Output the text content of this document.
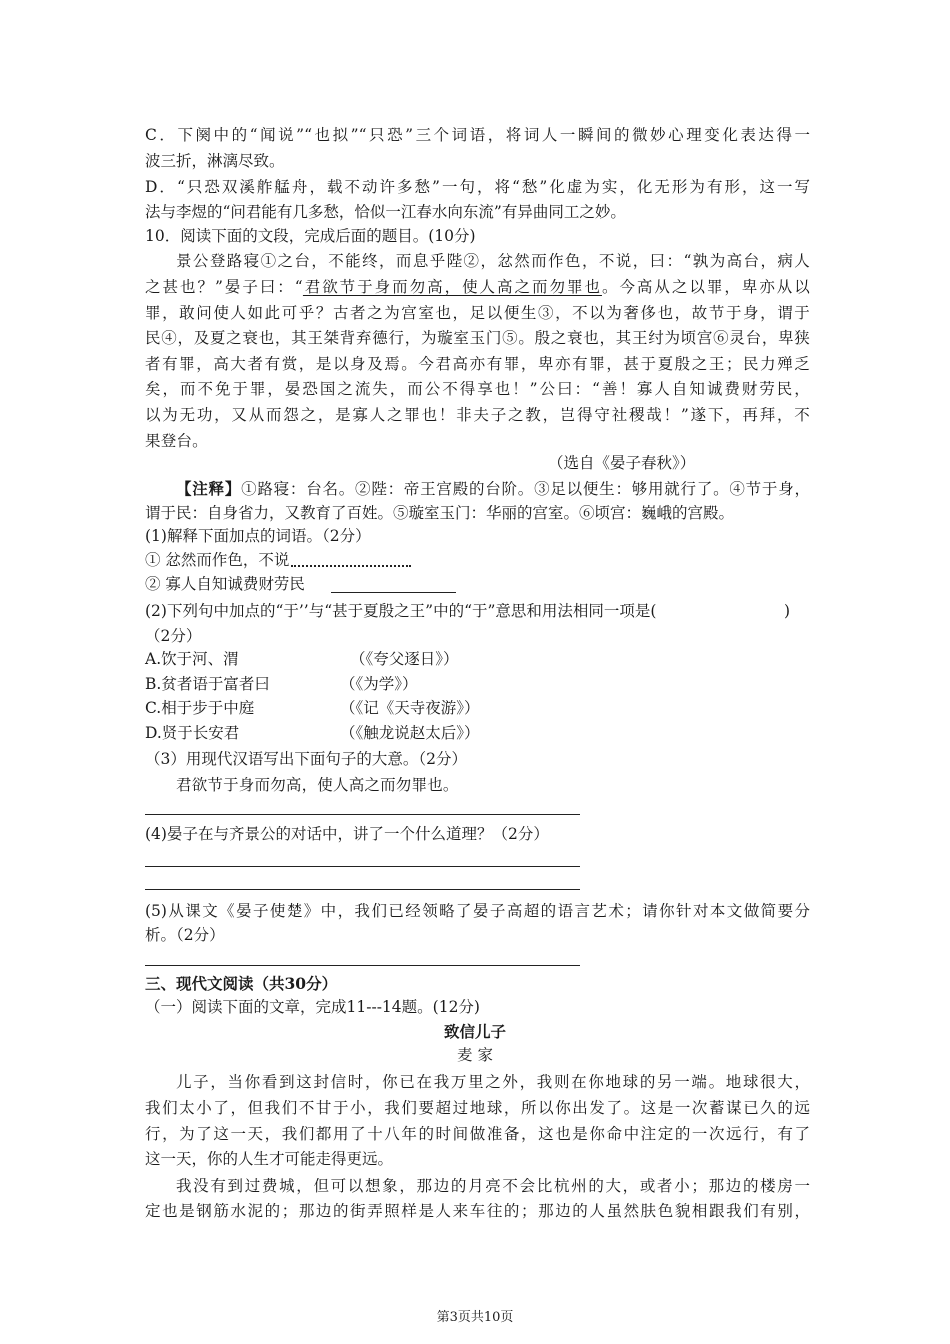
C．下阕中的“闻说”“也拟”“只恐”三个词语，将词人一瞬间的微妙心理变化表达得一
波三折，淋漓尽致。
D．“只恐双溪舴艋舟，载不动许多愁”一句，将“愁”化虚为实，化无形为有形，这一写
法与李煜的“问君能有几多愁，恰似一江春水向东流”有异曲同工之妙。
10．阅读下面的文段，完成后面的题目。(10分)
景公登路寝①之台，不能终，而息乎陛②，忿然而作色，不说，曰：“孰为高台，病人
之甚也？”晏子曰：“君欲节于身而勿高，使人高之而勿罪也。今高从之以罪，卑亦从以
罪，敢问使人如此可乎？古者之为宫室也，足以便生③，不以为奢侈也，故节于身，谓于
民④，及夏之衰也，其王桀背弃德行，为璇室玉门⑤。殷之衰也，其王纣为顷宫⑥灵台，卑狭
者有罪，高大者有赏，是以身及焉。今君高亦有罪，卑亦有罪，甚于夏殷之王；民力殚乏
矣，而不免于罪，晏恐国之流失，而公不得享也！”公曰：“善！寡人自知诚费财劳民，
以为无功，又从而怨之，是寡人之罪也！非夫子之教，岂得守社稷哉！”遂下，再拜，不
果登台。
（选自《晏子春秋》）
【注释】①路寝：台名。②陛：帝王宫殿的台阶。③足以便生：够用就行了。④节于身，
谓于民：自身省力，又教育了百姓。⑤璇室玉门：华丽的宫室。⑥顷宫：巍峨的宫殿。
(1)解释下面加点的词语。（2分）
① 忿然而作色，不说
② 寡人自知诚费财劳民
(2)下列句中加点的“于’’与“甚于夏殷之王”中的“于”意思和用法相同一项是(	)
（2分）
A.饮于河、渭	（《夸父逐日》）
B.贫者语于富者曰	（《为学》）
C.相于步于中庭	（《记《天寺夜游》）
D.贤于长安君	（《触龙说赵太后》）
（3）用现代汉语写出下面句子的大意。（2分）
君欲节于身而勿高，使人高之而勿罪也。
(4)晏子在与齐景公的对话中，讲了一个什么道理？（2分）
(5)从课文《晏子使楚》中，我们已经领略了晏子高超的语言艺术；请你针对本文做简要分
析。（2分）
三、现代文阅读（共30分）
（一）阅读下面的文章，完成11---14题。(12分)
致信儿子
麦 家
儿子，当你看到这封信时，你已在我万里之外，我则在你地球的另一端。地球很大，
我们太小了，但我们不甘于小，我们要超过地球，所以你出发了。这是一次蓄谋已久的远
行，为了这一天，我们都用了十八年的时间做准备，这也是你命中注定的一次远行，有了
这一天，你的人生才可能走得更远。
我没有到过费城，但可以想象，那边的月亮不会比杭州的大，或者小；那边的楼房一
定也是钢筋水泥的；那边的街弄照样是人来车往的；那边的人虽然肤色貌相跟我们有别，
第3页共10页
